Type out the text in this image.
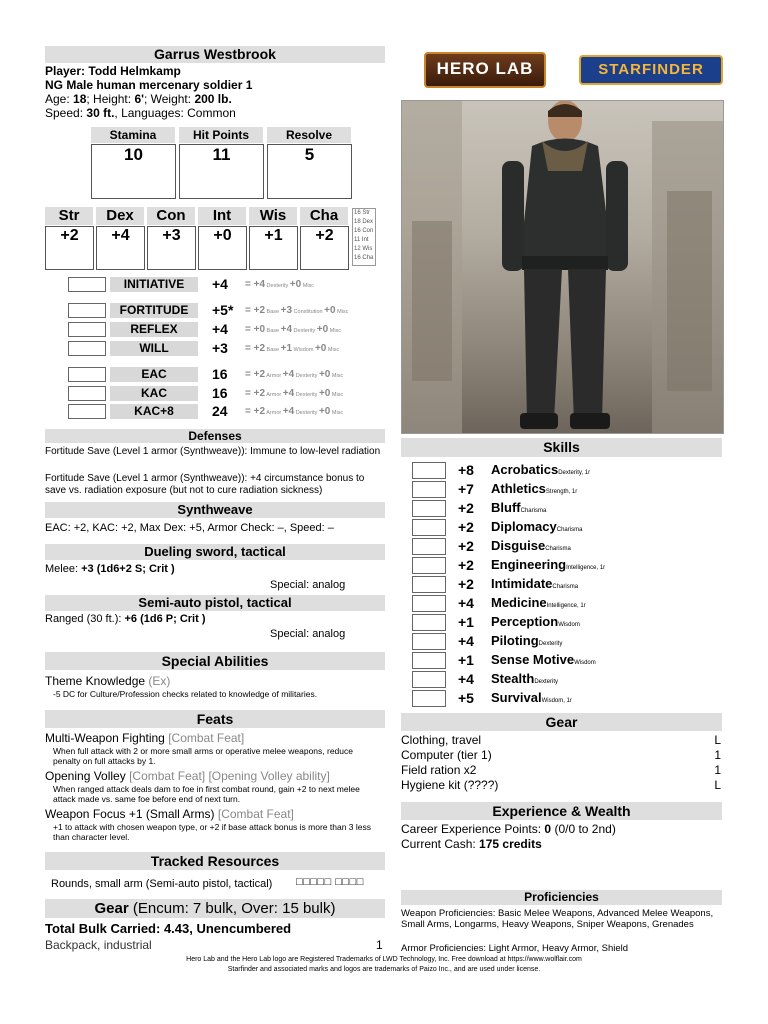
Garrus Westbrook
Player: Todd Helmkamp
NG Male human mercenary soldier 1
Age: 18; Height: 6'; Weight: 200 lb.
Speed: 30 ft., Languages: Common
HERO LAB	STARFINDER
Stamina
10
Hit Points
11
Resolve
5
Str
+2
Dex
+4
Con
+3
Int
+0
Wis
+1
Cha
+2
16 Str
18 Dex
16 Con
11 Int
12 Wis
16 Cha
INITIATIVE	+4 = +4 Dexterity +0 Misc
FORTITUDE	+5* = +2 Base +3 Constitution +0 Misc
REFLEX	+4 = +0 Base +4 Dexterity +0 Misc
WILL	+3 = +2 Base +1 Wisdom +0 Misc
EAC	16 = +2 Armor +4 Dexterity +0 Misc
KAC	16 = +2 Armor +4 Dexterity +0 Misc
KAC+8	24 = +2 Armor +4 Dexterity +0 Misc
Defenses
Fortitude Save (Level 1 armor (Synthweave)): Immune to low-level radiation
Fortitude Save (Level 1 armor (Synthweave)): +4 circumstance bonus to save vs. radiation exposure (but not to cure radiation sickness)
Synthweave
EAC: +2, KAC: +2, Max Dex: +5, Armor Check: –, Speed: –
Dueling sword, tactical
Melee: +3 (1d6+2 S; Crit )
Special: analog
Semi-auto pistol, tactical
Ranged (30 ft.): +6 (1d6 P; Crit )
Special: analog
Special Abilities
Theme Knowledge (Ex)
-5 DC for Culture/Profession checks related to knowledge of militaries.
Feats
Multi-Weapon Fighting [Combat Feat]
When full attack with 2 or more small arms or operative melee weapons, reduce penalty on full attacks by 1.
Opening Volley [Combat Feat] [Opening Volley ability]
When ranged attack deals dam to foe in first combat round, gain +2 to next melee attack made vs. same foe before end of next turn.
Weapon Focus +1 (Small Arms) [Combat Feat]
+1 to attack with chosen weapon type, or +2 if base attack bonus is more than 3 less than character level.
Tracked Resources
Rounds, small arm (Semi-auto pistol, tactical) □□□□□ □□□□
Gear (Encum: 7 bulk, Over: 15 bulk)
Total Bulk Carried: 4.43, Unencumbered
Backpack, industrial	1
Skills
+8 AcrobaticsDexterity, 1r
+7 AthleticsStrength, 1r
+2 BluffCharisma
+2 DiplomacyCharisma
+2 DisguiseCharisma
+2 EngineeringIntelligence, 1r
+2 IntimidateCharisma
+4 MedicineIntelligence, 1r
+1 PerceptionWisdom
+4 PilotingDexterity
+1 Sense MotiveWisdom
+4 StealthDexterity
+5 SurvivalWisdom, 1r
Gear
Clothing, travel	L
Computer (tier 1)	1
Field ration x2	1
Hygiene kit (????)	L
Experience & Wealth
Career Experience Points: 0 (0/0 to 2nd)
Current Cash: 175 credits
Proficiencies
Weapon Proficiencies: Basic Melee Weapons, Advanced Melee Weapons, Small Arms, Longarms, Heavy Weapons, Sniper Weapons, Grenades
Armor Proficiencies: Light Armor, Heavy Armor, Shield
Hero Lab and the Hero Lab logo are Registered Trademarks of LWD Technology, Inc. Free download at https://www.wolflair.com
Starfinder and associated marks and logos are trademarks of Paizo Inc., and are used under license.
